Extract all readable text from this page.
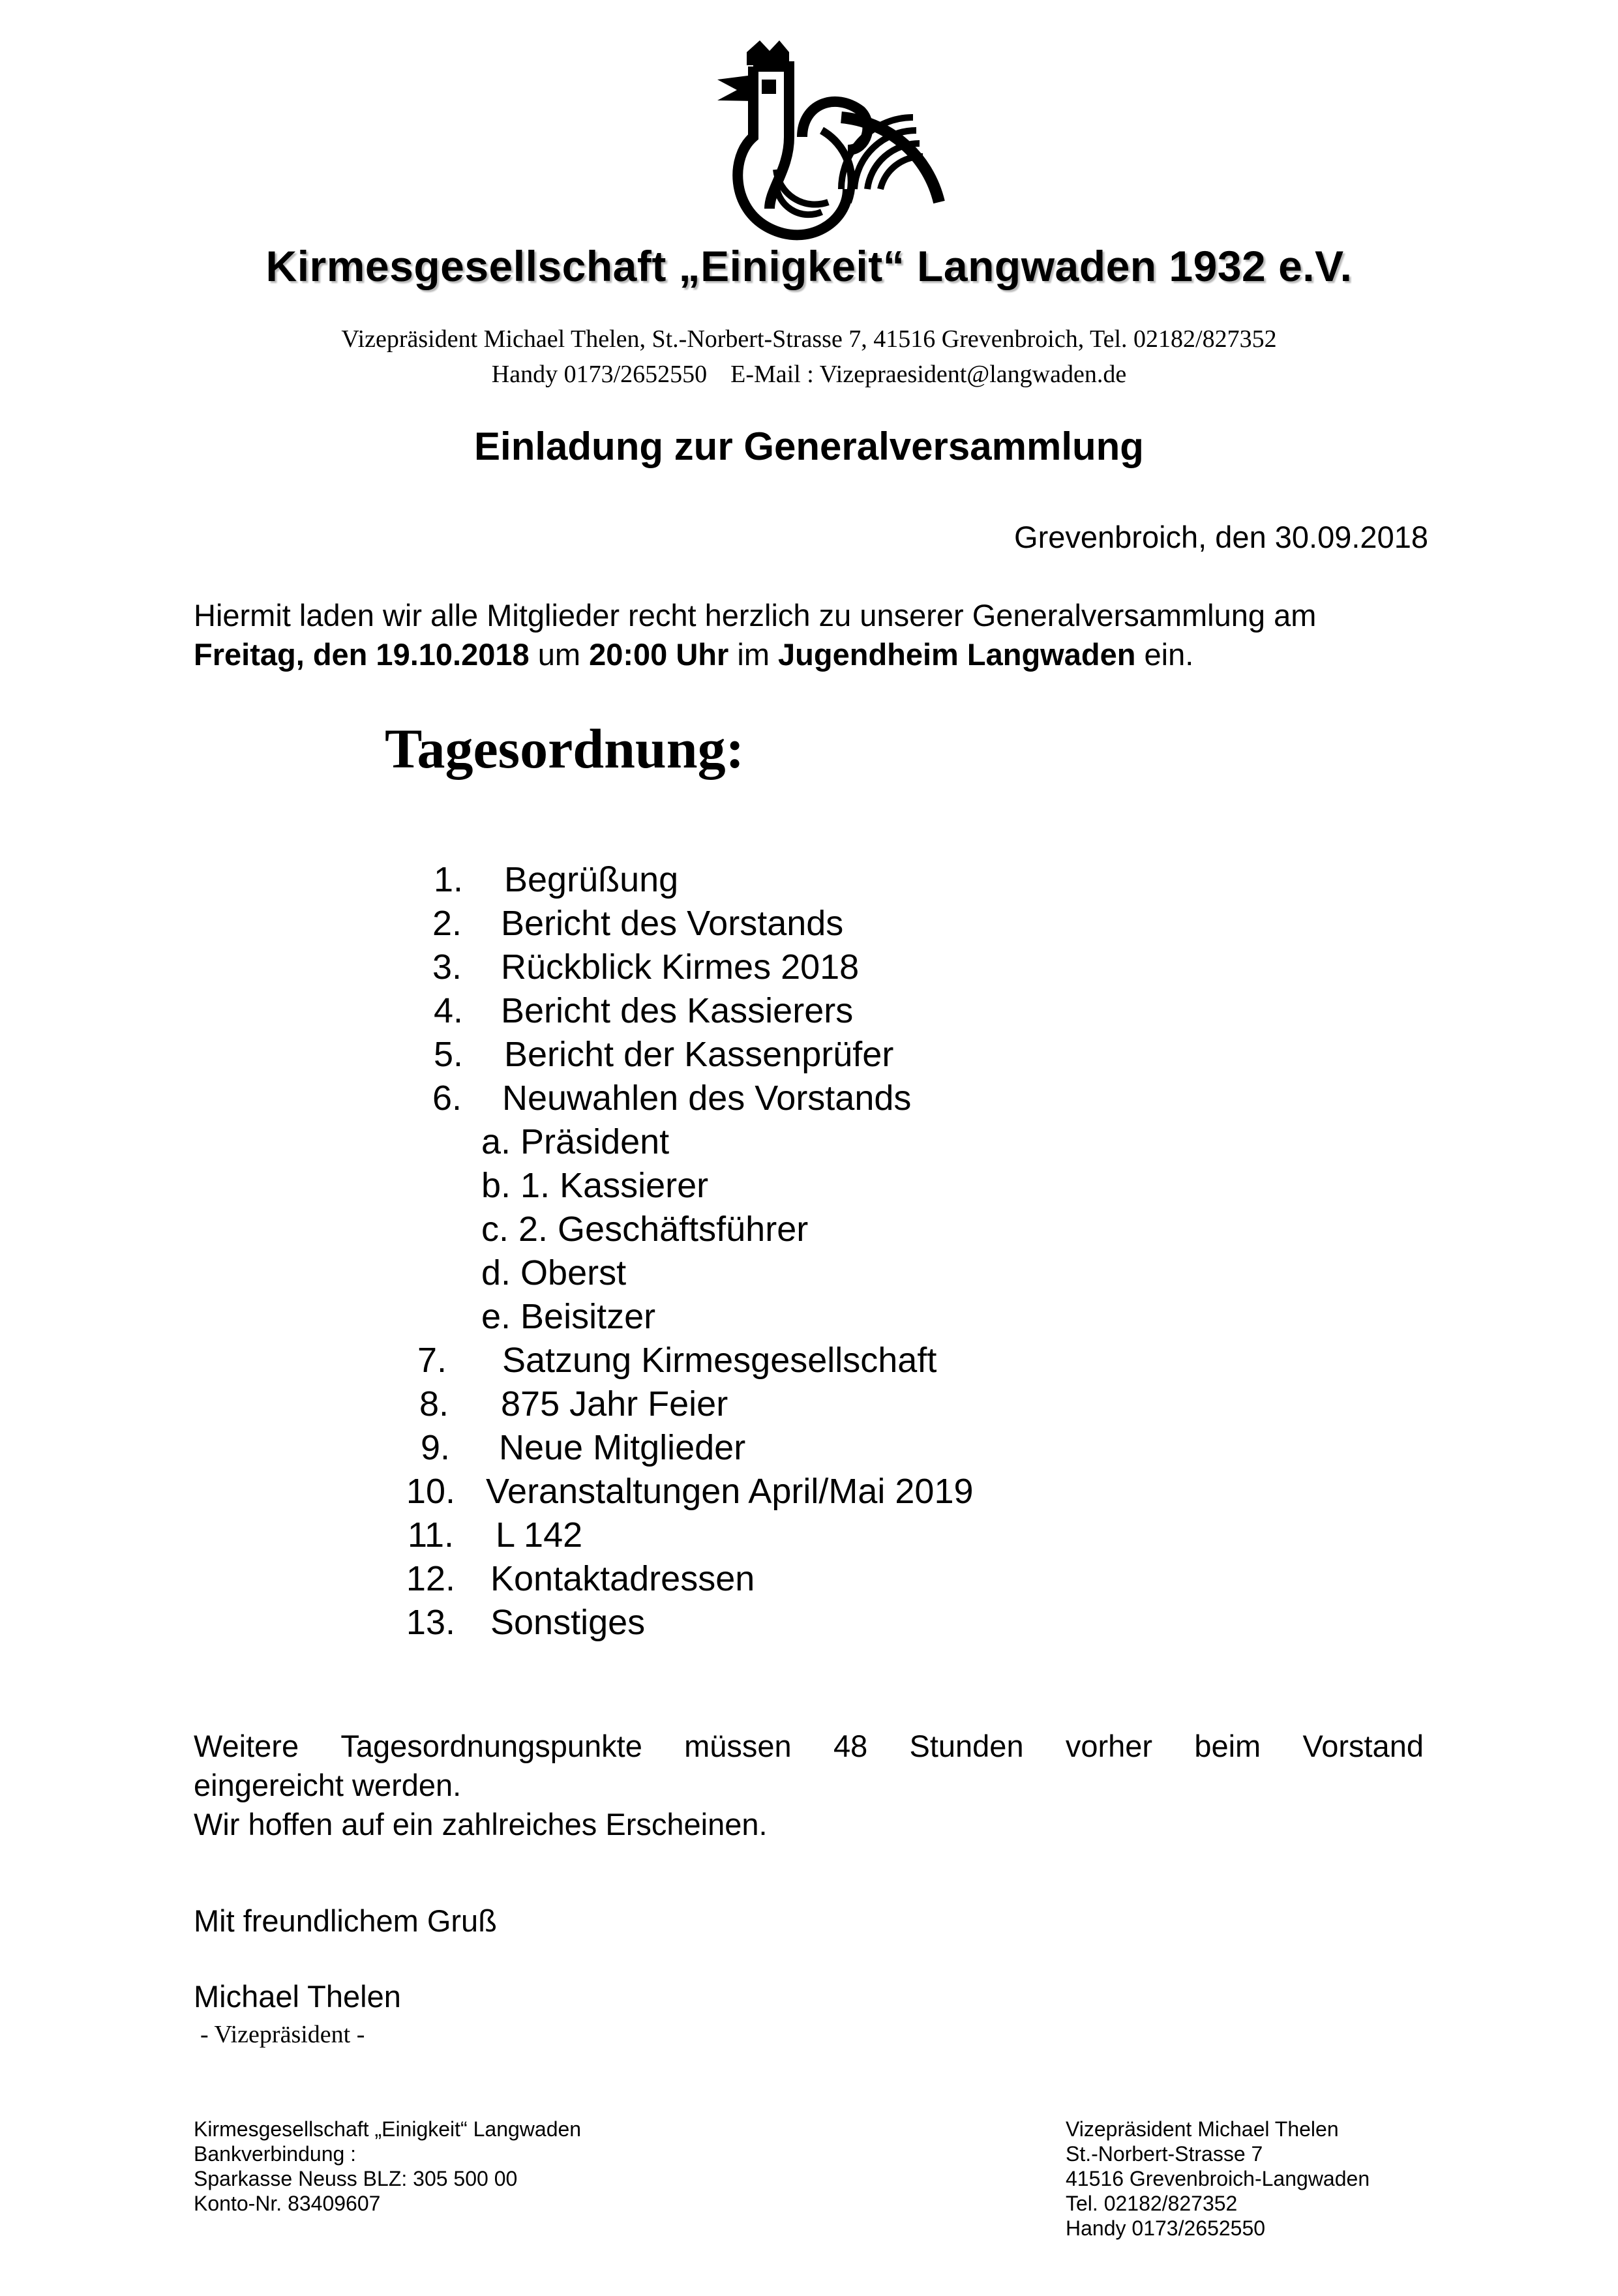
Kirmesgesellschaft „Einigkeit“ Langwaden 1932 e.V.
Vizepräsident Michael Thelen, St.-Norbert-Strasse 7, 41516 Grevenbroich, Tel. 02182/827352
Handy 0173/2652550 E-Mail : Vizepraesident@langwaden.de
Einladung zur Generalversammlung
Grevenbroich, den 30.09.2018
Hiermit laden wir alle Mitglieder recht herzlich zu unserer Generalversammlung am
Freitag, den 19.10.2018 um 20:00 Uhr im Jugendheim Langwaden ein.
Tagesordnung:
1. Begrüßung
2. Bericht des Vorstands
3. Rückblick Kirmes 2018
4. Bericht des Kassierers
5. Bericht der Kassenprüfer
6. Neuwahlen des Vorstands
a. Präsident
b. 1. Kassierer
c. 2. Geschäftsführer
d. Oberst
e. Beisitzer
7. Satzung Kirmesgesellschaft
8. 875 Jahr Feier
9. Neue Mitglieder
10. Veranstaltungen April/Mai 2019
11. L 142
12. Kontaktadressen
13. Sonstiges
Weitere Tagesordnungspunkte müssen 48 Stunden vorher beim Vorstand
eingereicht werden.
Wir hoffen auf ein zahlreiches Erscheinen.
Mit freundlichem Gruß
Michael Thelen
- Vizepräsident -
Kirmesgesellschaft „Einigkeit“ Langwaden
Bankverbindung :
Sparkasse Neuss BLZ: 305 500 00
Konto-Nr. 83409607
Vizepräsident Michael Thelen
St.-Norbert-Strasse 7
41516 Grevenbroich-Langwaden
Tel. 02182/827352
Handy 0173/2652550
